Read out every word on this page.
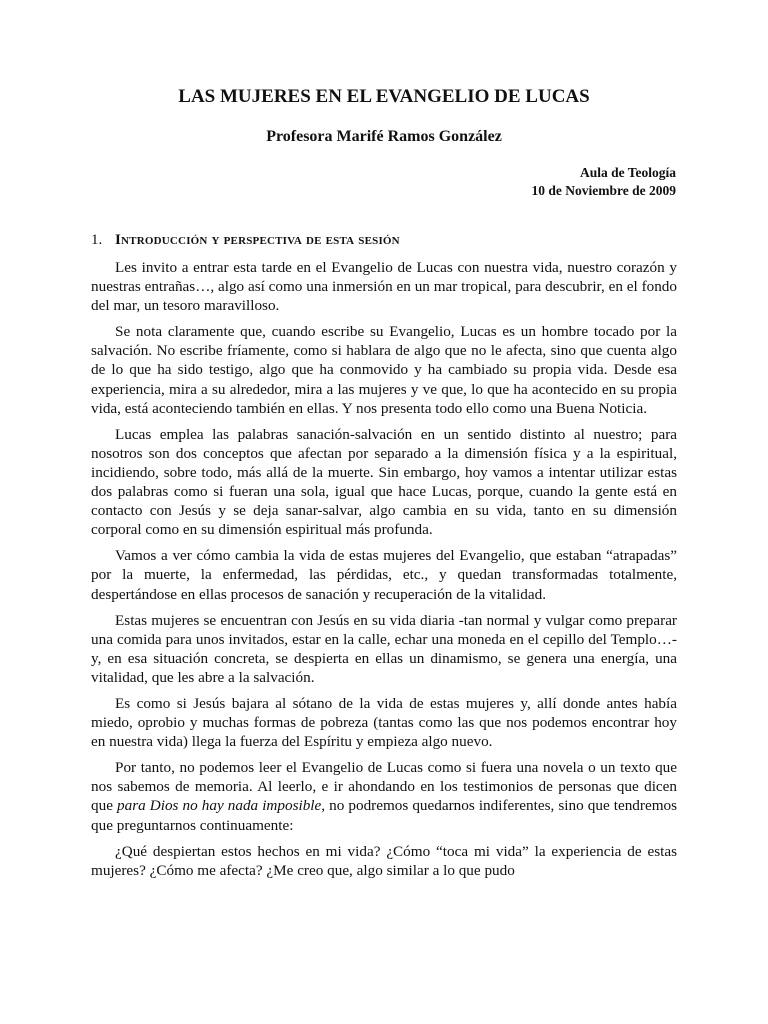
LAS MUJERES EN EL EVANGELIO DE LUCAS
Profesora Marifé Ramos González
Aula de Teología
10 de Noviembre de 2009
1. Introducción y perspectiva de esta sesión

Les invito a entrar esta tarde en el Evangelio de Lucas con nuestra vida, nuestro corazón y nuestras entrañas…, algo así como una inmersión en un mar tropical, para descubrir, en el fondo del mar, un tesoro maravilloso.

Se nota claramente que, cuando escribe su Evangelio, Lucas es un hombre tocado por la salvación. No escribe fríamente, como si hablara de algo que no le afecta, sino que cuenta algo de lo que ha sido testigo, algo que ha conmovido y ha cambiado su propia vida. Desde esa experiencia, mira a su alrededor, mira a las mujeres y ve que, lo que ha acontecido en su propia vida, está aconteciendo también en ellas. Y nos presenta todo ello como una Buena Noticia.

Lucas emplea las palabras sanación-salvación en un sentido distinto al nuestro; para nosotros son dos conceptos que afectan por separado a la dimensión física y a la espiritual, incidiendo, sobre todo, más allá de la muerte. Sin embargo, hoy vamos a intentar utilizar estas dos palabras como si fueran una sola, igual que hace Lucas, porque, cuando la gente está en contacto con Jesús y se deja sanar-salvar, algo cambia en su vida, tanto en su dimensión corporal como en su dimensión espiritual más profunda.

Vamos a ver cómo cambia la vida de estas mujeres del Evangelio, que estaban “atrapadas” por la muerte, la enfermedad, las pérdidas, etc., y quedan transformadas totalmente, despertándose en ellas procesos de sanación y recuperación de la vitalidad.

Estas mujeres se encuentran con Jesús en su vida diaria -tan normal y vulgar como preparar una comida para unos invitados, estar en la calle, echar una moneda en el cepillo del Templo…- y, en esa situación concreta, se despierta en ellas un dinamismo, se genera una energía, una vitalidad, que les abre a la salvación.

Es como si Jesús bajara al sótano de la vida de estas mujeres y, allí donde antes había miedo, oprobio y muchas formas de pobreza (tantas como las que nos podemos encontrar hoy en nuestra vida) llega la fuerza del Espíritu y empieza algo nuevo.

Por tanto, no podemos leer el Evangelio de Lucas como si fuera una novela o un texto que nos sabemos de memoria. Al leerlo, e ir ahondando en los testimonios de personas que dicen que para Dios no hay nada imposible, no podremos quedarnos indiferentes, sino que tendremos que preguntarnos continuamente:

¿Qué despiertan estos hechos en mi vida? ¿Cómo “toca mi vida” la experiencia de estas mujeres? ¿Cómo me afecta? ¿Me creo que, algo similar a lo que pudo
